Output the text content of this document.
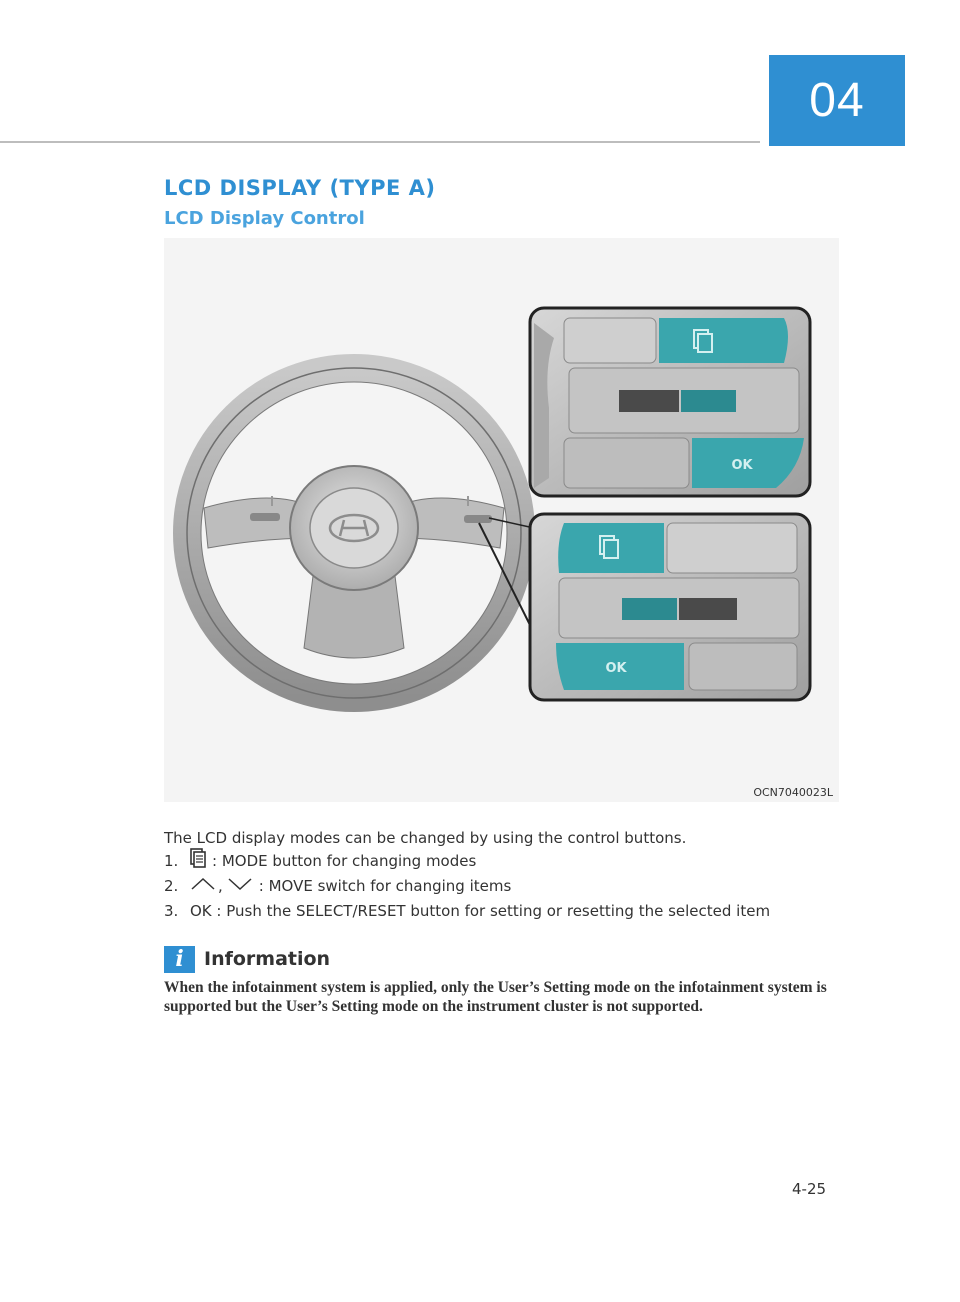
04
LCD DISPLAY (TYPE A)
LCD Display Control
OK
OK
OCN7040023L

The LCD display modes can be changed by using the control buttons.

1.	: MODE button for changing modes
2.	, : MOVE switch for changing items
3. OK : Push the SELECT/RESET button for setting or resetting the selected item
i	Information

When the infotainment system is applied, only the User’s Setting mode on the infotainment system is supported but the User’s Setting mode on the instrument cluster is not supported.

4-25
